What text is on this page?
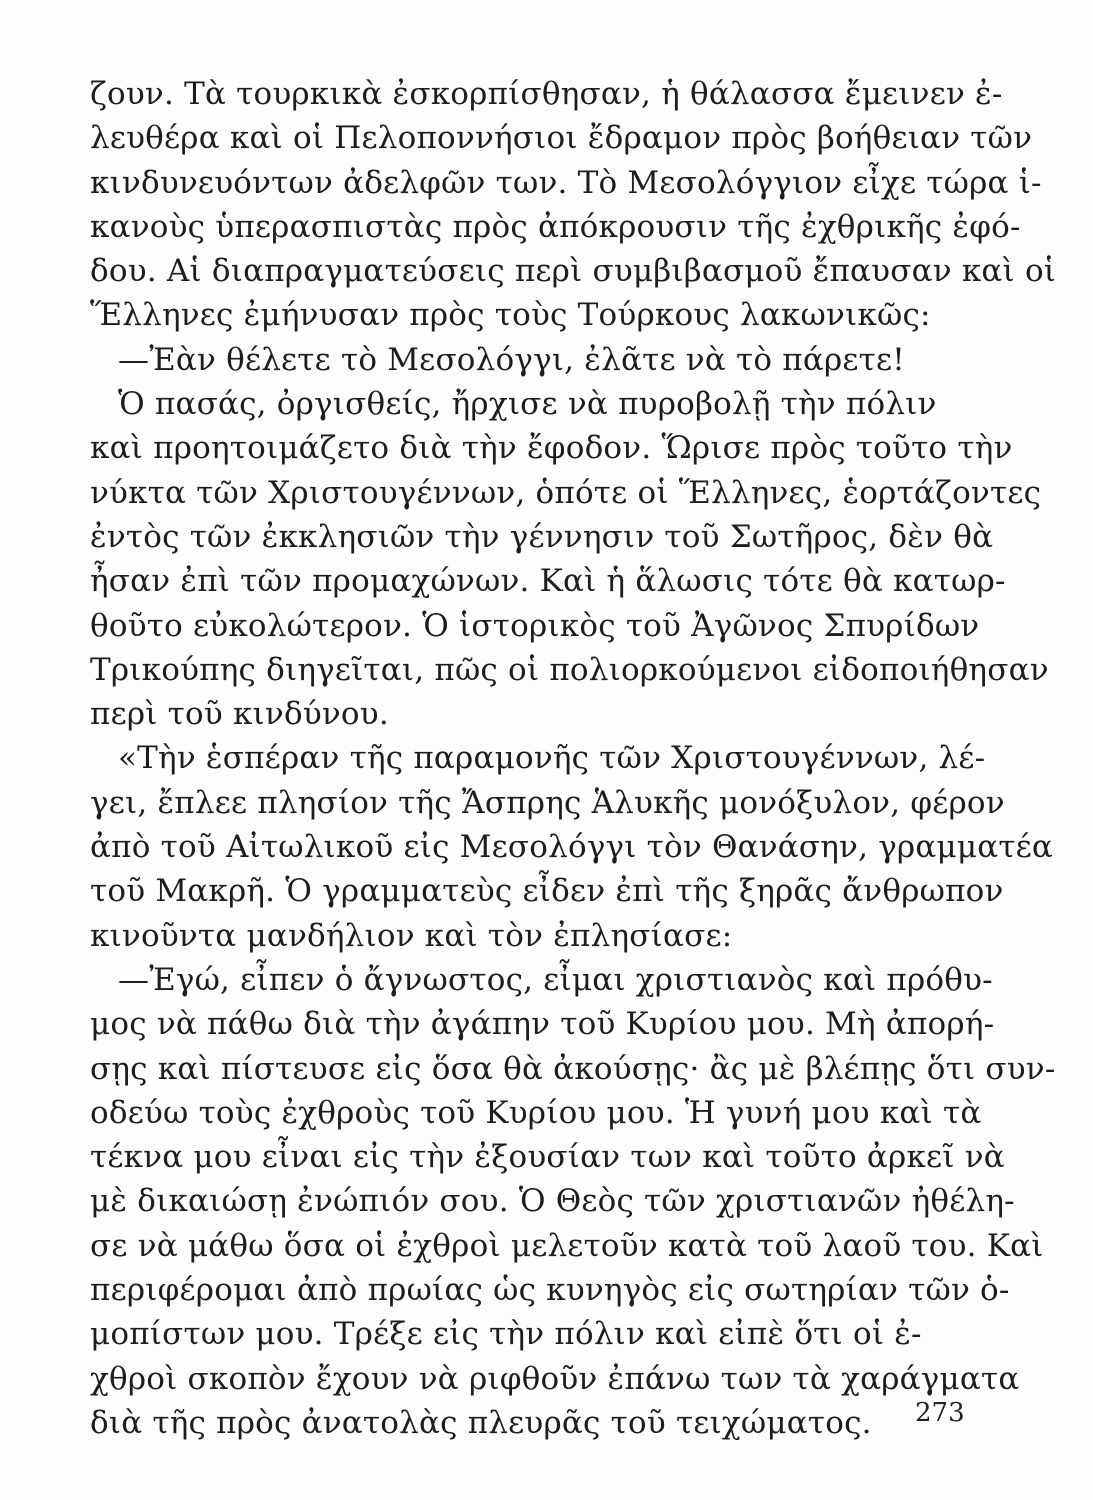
ζουν. Τὰ τουρκικὰ ἐσκορπίσθησαν, ἡ θάλασσα ἔμεινεν ἐ-
λευθέρα καὶ οἱ Πελοποννήσιοι ἔδραμον πρὸς βοήθειαν τῶν
κινδυνευόντων ἀδελφῶν των. Τὸ Μεσολόγγιον εἶχε τώρα ἱ-
κανοὺς ὑπερασπιστὰς πρὸς ἀπόκρουσιν τῆς ἐχθρικῆς ἐφό-
δου. Αἱ διαπραγματεύσεις περὶ συμβιβασμοῦ ἔπαυσαν καὶ οἱ
Ἕλληνες ἐμήνυσαν πρὸς τοὺς Τούρκους λακωνικῶς:
—Ἐὰν θέλετε τὸ Μεσολόγγι, ἐλᾶτε νὰ τὸ πάρετε!
Ὁ πασάς, ὀργισθείς, ἤρχισε νὰ πυροβολῇ τὴν πόλιν
καὶ προητοιμάζετο διὰ τὴν ἔφοδον. Ὥρισε πρὸς τοῦτο τὴν
νύκτα τῶν Χριστουγέννων, ὁπότε οἱ Ἕλληνες, ἑορτάζοντες
ἐντὸς τῶν ἐκκλησιῶν τὴν γέννησιν τοῦ Σωτῆρος, δὲν θὰ
ἦσαν ἐπὶ τῶν προμαχώνων. Καὶ ἡ ἅλωσις τότε θὰ κατωρ-
θοῦτο εὐκολώτερον. Ὁ ἱστορικὸς τοῦ Ἀγῶνος Σπυρίδων
Τρικούπης διηγεῖται, πῶς οἱ πολιορκούμενοι εἰδοποιήθησαν
περὶ τοῦ κινδύνου.
«Τὴν ἑσπέραν τῆς παραμονῆς τῶν Χριστουγέννων, λέ-
γει, ἔπλεε πλησίον τῆς Ἄσπρης Ἁλυκῆς μονόξυλον, φέρον
ἀπὸ τοῦ Αἰτωλικοῦ εἰς Μεσολόγγι τὸν Θανάσην, γραμματέα
τοῦ Μακρῆ. Ὁ γραμματεὺς εἶδεν ἐπὶ τῆς ξηρᾶς ἄνθρωπον
κινοῦντα μανδήλιον καὶ τὸν ἐπλησίασε:
—Ἐγώ, εἶπεν ὁ ἄγνωστος, εἶμαι χριστιανὸς καὶ πρόθυ-
μος νὰ πάθω διὰ τὴν ἀγάπην τοῦ Κυρίου μου. Μὴ ἀπορή-
σῃς καὶ πίστευσε εἰς ὅσα θὰ ἀκούσῃς· ἂς μὲ βλέπῃς ὅτι συν-
οδεύω τοὺς ἐχθροὺς τοῦ Κυρίου μου. Ἡ γυνή μου καὶ τὰ
τέκνα μου εἶναι εἰς τὴν ἐξουσίαν των καὶ τοῦτο ἀρκεῖ νὰ
μὲ δικαιώσῃ ἐνώπιόν σου. Ὁ Θεὸς τῶν χριστιανῶν ἠθέλη-
σε νὰ μάθω ὅσα οἱ ἐχθροὶ μελετοῦν κατὰ τοῦ λαοῦ του. Καὶ
περιφέρομαι ἀπὸ πρωίας ὡς κυνηγὸς εἰς σωτηρίαν τῶν ὁ-
μοπίστων μου. Τρέξε εἰς τὴν πόλιν καὶ εἰπὲ ὅτι οἱ ἐ-
χθροὶ σκοπὸν ἔχουν νὰ ριφθοῦν ἐπάνω των τὰ χαράγματα
διὰ τῆς πρὸς ἀνατολὰς πλευρᾶς τοῦ τειχώματος.	273
